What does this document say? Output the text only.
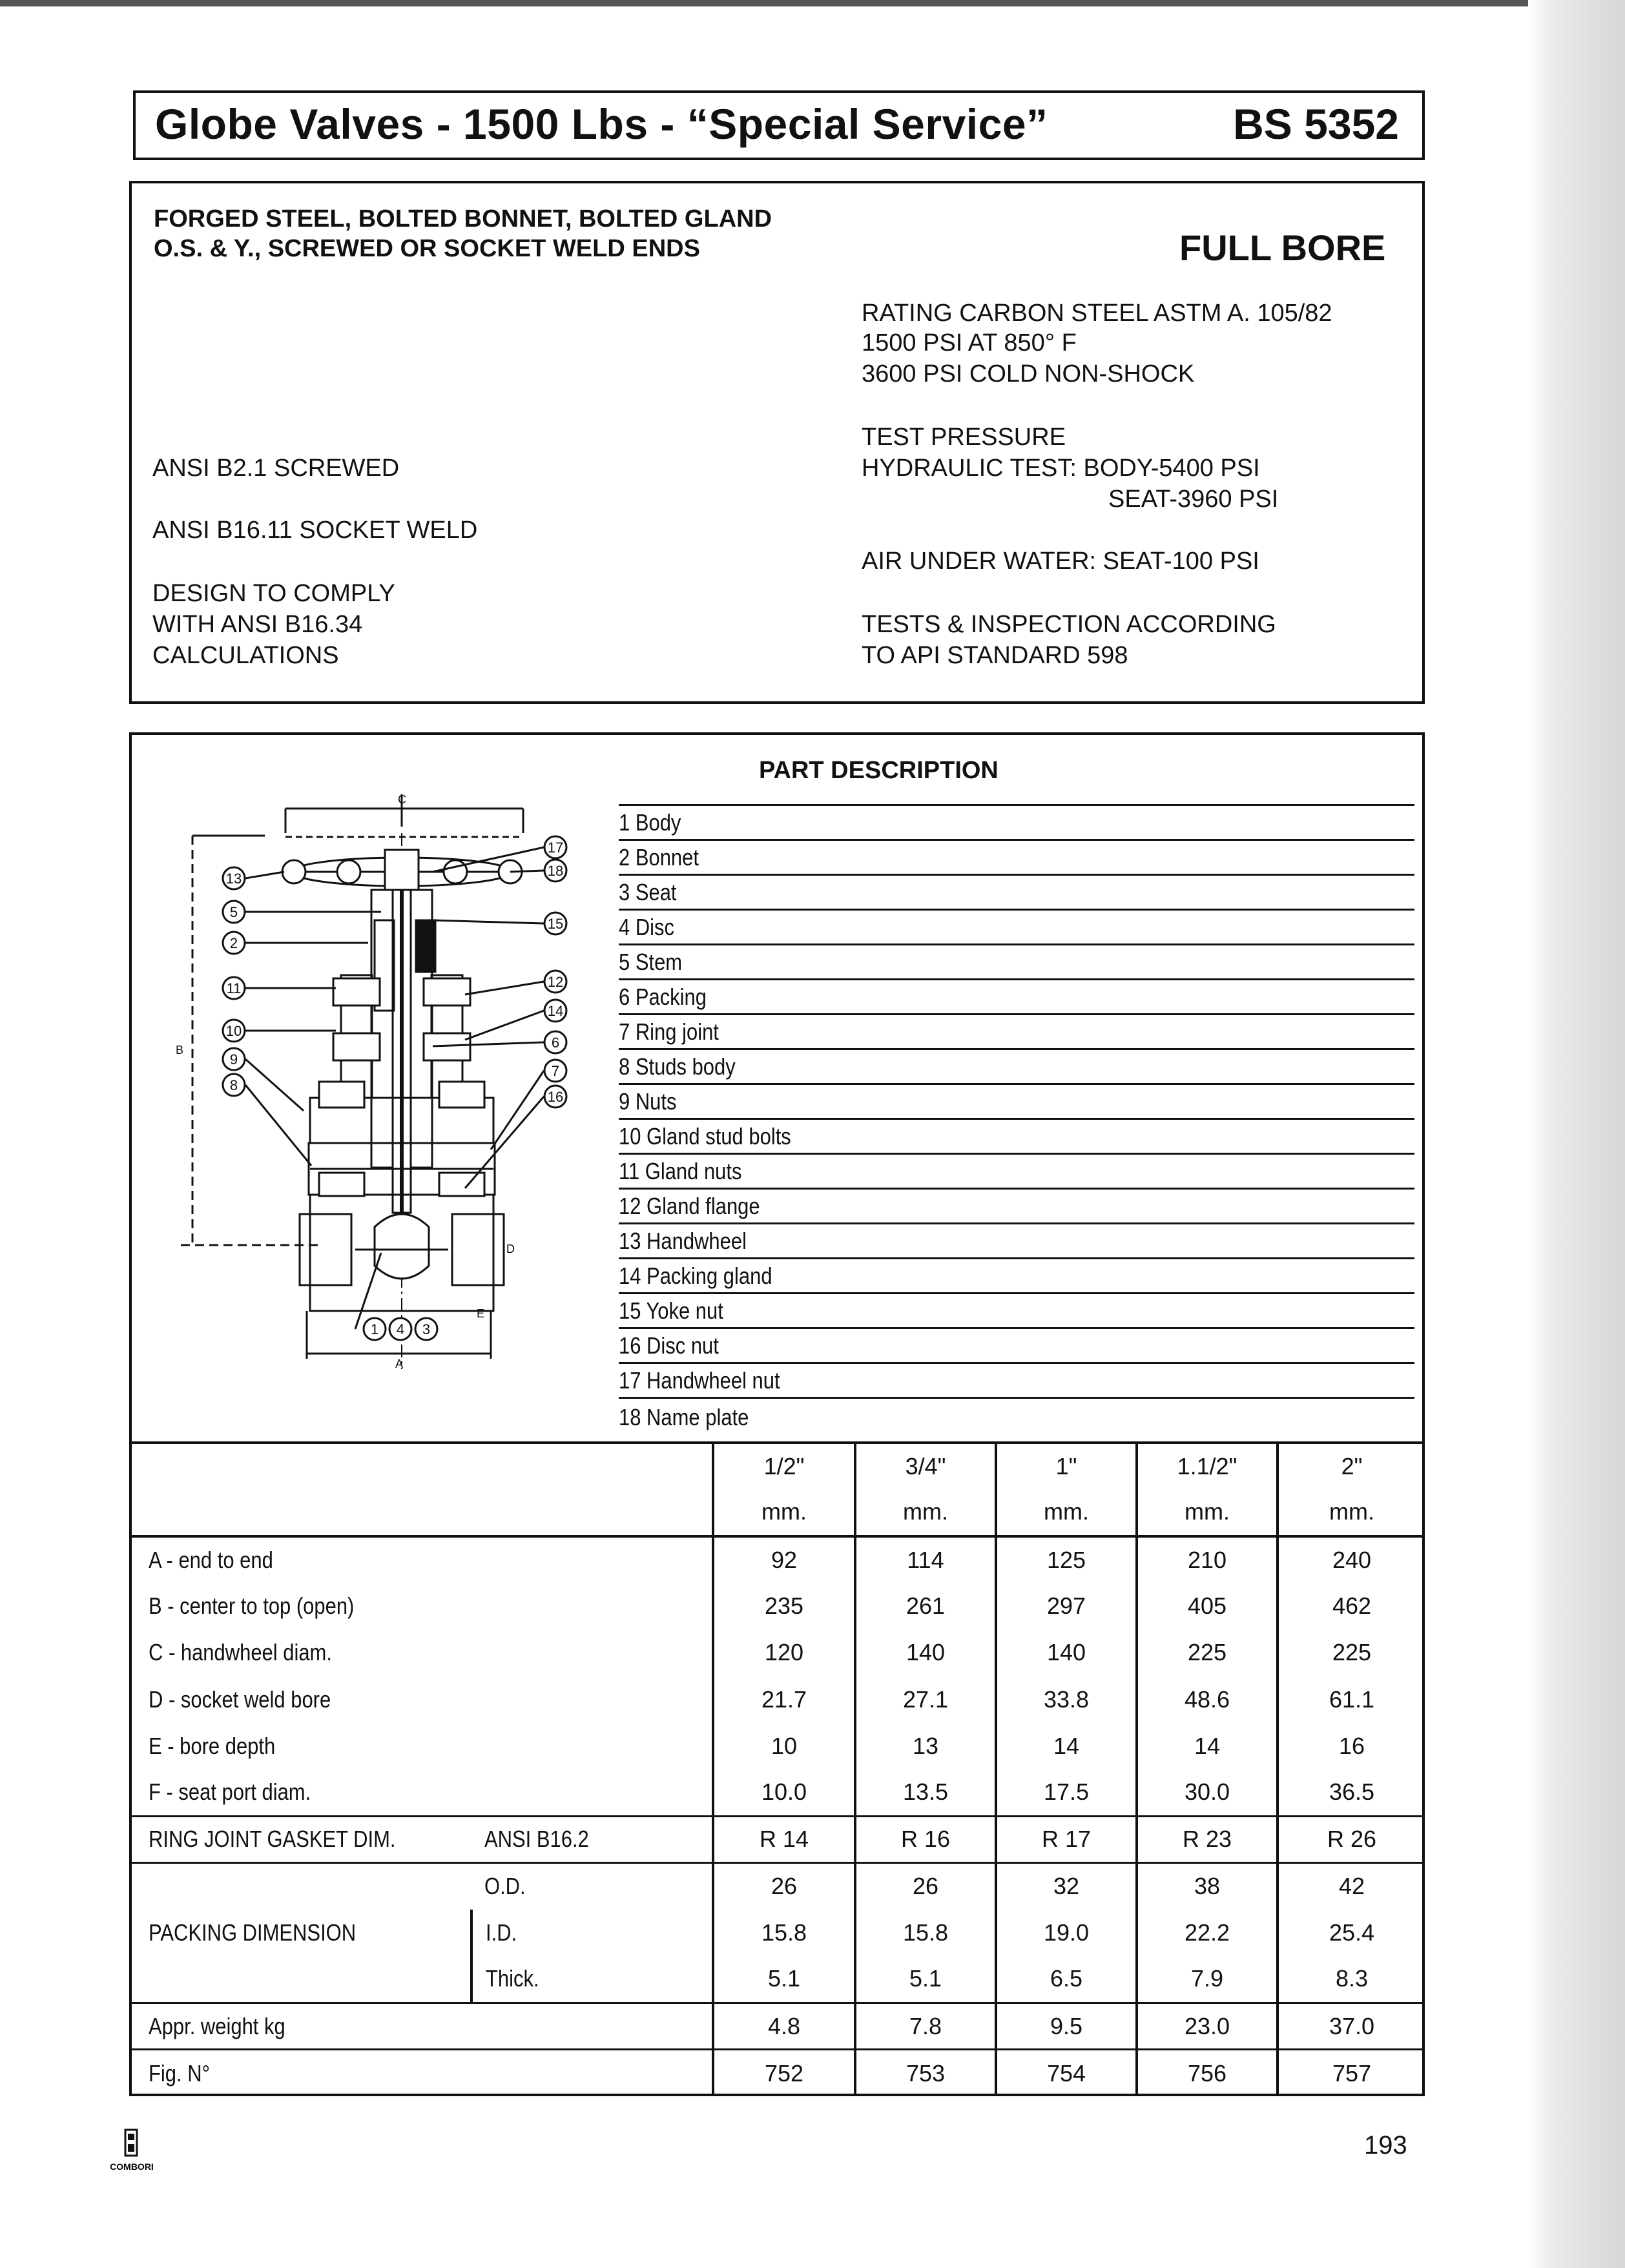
Globe Valves - 1500 Lbs - “Special Service”	BS 5352
FORGED STEEL, BOLTED BONNET, BOLTED GLAND
O.S. & Y., SCREWED OR SOCKET WELD ENDS	FULL BORE
RATING CARBON STEEL ASTM A. 105/82
1500 PSI AT 850° F
3600 PSI COLD NON-SHOCK
TEST PRESSURE
HYDRAULIC TEST: BODY-5400 PSI
SEAT-3960 PSI
AIR UNDER WATER: SEAT-100 PSI
TESTS & INSPECTION ACCORDING
TO API STANDARD 598
ANSI B2.1 SCREWED
ANSI B16.11 SOCKET WELD
DESIGN TO COMPLY
WITH ANSI B16.34
CALCULATIONS
13
5
2
11
10
9
8
17
18
15
12
14
6
7
16
1 4 3
C
B
D
E
A
PART DESCRIPTION
1 Body
2 Bonnet
3 Seat
4 Disc
5 Stem
6 Packing
7 Ring joint
8 Studs body
9 Nuts
10 Gland stud bolts
11 Gland nuts
12 Gland flange
13 Handwheel
14 Packing gland
15 Yoke nut
16 Disc nut
17 Handwheel nut
18 Name plate
		1/2"	3/4"	1"	1.1/2"	2"
		mm.	mm.	mm.	mm.	mm.
A - end to end		92	114	125	210	240
B - center to top (open)		235	261	297	405	462
C - handwheel diam.		120	140	140	225	225
D - socket weld bore		21.7	27.1	33.8	48.6	61.1
E - bore depth		10	13	14	14	16
F - seat port diam.		10.0	13.5	17.5	30.0	36.5
RING JOINT GASKET DIM.	ANSI B16.2	R 14	R 16	R 17	R 23	R 26
PACKING DIMENSION	O.D.	26	26	32	38	42
	I.D.	15.8	15.8	19.0	22.2	25.4
	Thick.	5.1	5.1	6.5	7.9	8.3
Appr. weight kg		4.8	7.8	9.5	23.0	37.0
Fig. N°		752	753	754	756	757
COMBORI
193
